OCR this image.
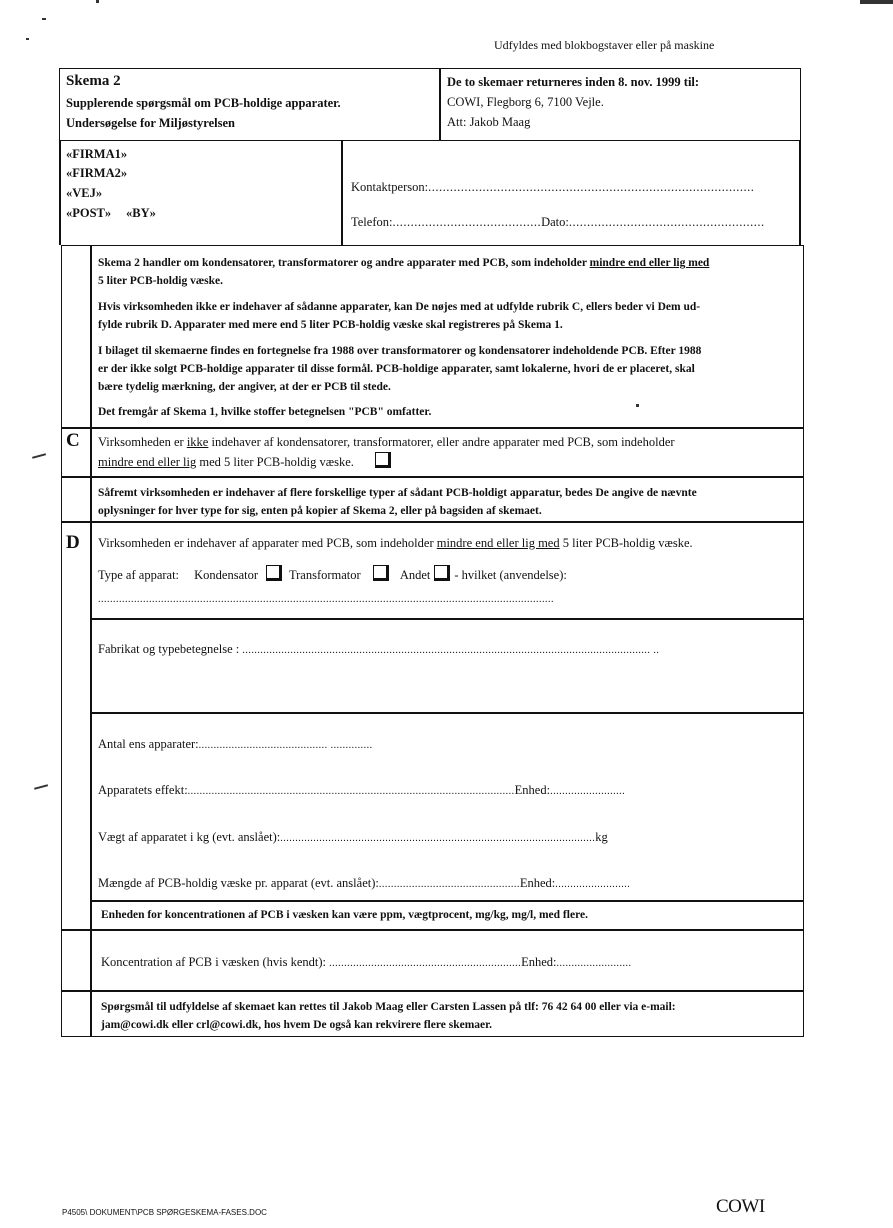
Udfyldes med blokbogstaver eller på maskine
Skema 2
Supplerende spørgsmål om PCB-holdige apparater.
Undersøgelse for Miljøstyrelsen
De to skemaer returneres inden 8. nov. 1999 til:
COWI, Flegborg 6, 7100 Vejle.
Att: Jakob Maag
«FIRMA1»
«FIRMA2»
«VEJ»
«POST» «BY»
Kontaktperson:..........................................................................................
Telefon:.........................................Dato:......................................................
Skema 2 handler om kondensatorer, transformatorer og andre apparater med PCB, som indeholder mindre end eller lig med
5 liter PCB-holdig væske.
Hvis virksomheden ikke er indehaver af sådanne apparater, kan De nøjes med at udfylde rubrik C, ellers beder vi Dem ud-
fylde rubrik D. Apparater med mere end 5 liter PCB-holdig væske skal registreres på Skema 1.
I bilaget til skemaerne findes en fortegnelse fra 1988 over transformatorer og kondensatorer indeholdende PCB. Efter 1988
er der ikke solgt PCB-holdige apparater til disse formål. PCB-holdige apparater, samt lokalerne, hvori de er placeret, skal
bære tydelig mærkning, der angiver, at der er PCB til stede.
Det fremgår af Skema 1, hvilke stoffer betegnelsen "PCB" omfatter.
C Virksomheden er ikke indehaver af kondensatorer, transformatorer, eller andre apparater med PCB, som indeholder
mindre end eller lig med 5 liter PCB-holdig væske.
Såfremt virksomheden er indehaver af flere forskellige typer af sådant PCB-holdigt apparatur, bedes De angive de nævnte
oplysninger for hver type for sig, enten på kopier af Skema 2, eller på bagsiden af skemaet.
D Virksomheden er indehaver af apparater med PCB, som indeholder mindre end eller lig med 5 liter PCB-holdig væske.
Type af apparat: Kondensator Transformator	Andet - hvilket (anvendelse):
........................................................................................................................................................
Fabrikat og typebetegnelse : ........................................................................................................................................ ..
Antal ens apparater:........................................... ..............
Apparatets effekt:.............................................................................................................Enhed:.........................
Vægt af apparatet i kg (evt. anslået):.........................................................................................................kg
Mængde af PCB-holdig væske pr. apparat (evt. anslået):...............................................Enhed:.........................
Enheden for koncentrationen af PCB i væsken kan være ppm, vægtprocent, mg/kg, mg/l, med flere.
Koncentration af PCB i væsken (hvis kendt): ................................................................Enhed:.........................
Spørgsmål til udfyldelse af skemaet kan rettes til Jakob Maag eller Carsten Lassen på tlf: 76 42 64 00 eller via e-mail:
jam@cowi.dk eller crl@cowi.dk, hos hvem De også kan rekvirere flere skemaer.
P4505\ DOKUMENT\PCB SPØRGESKEMA-FASES.DOC	COWI
